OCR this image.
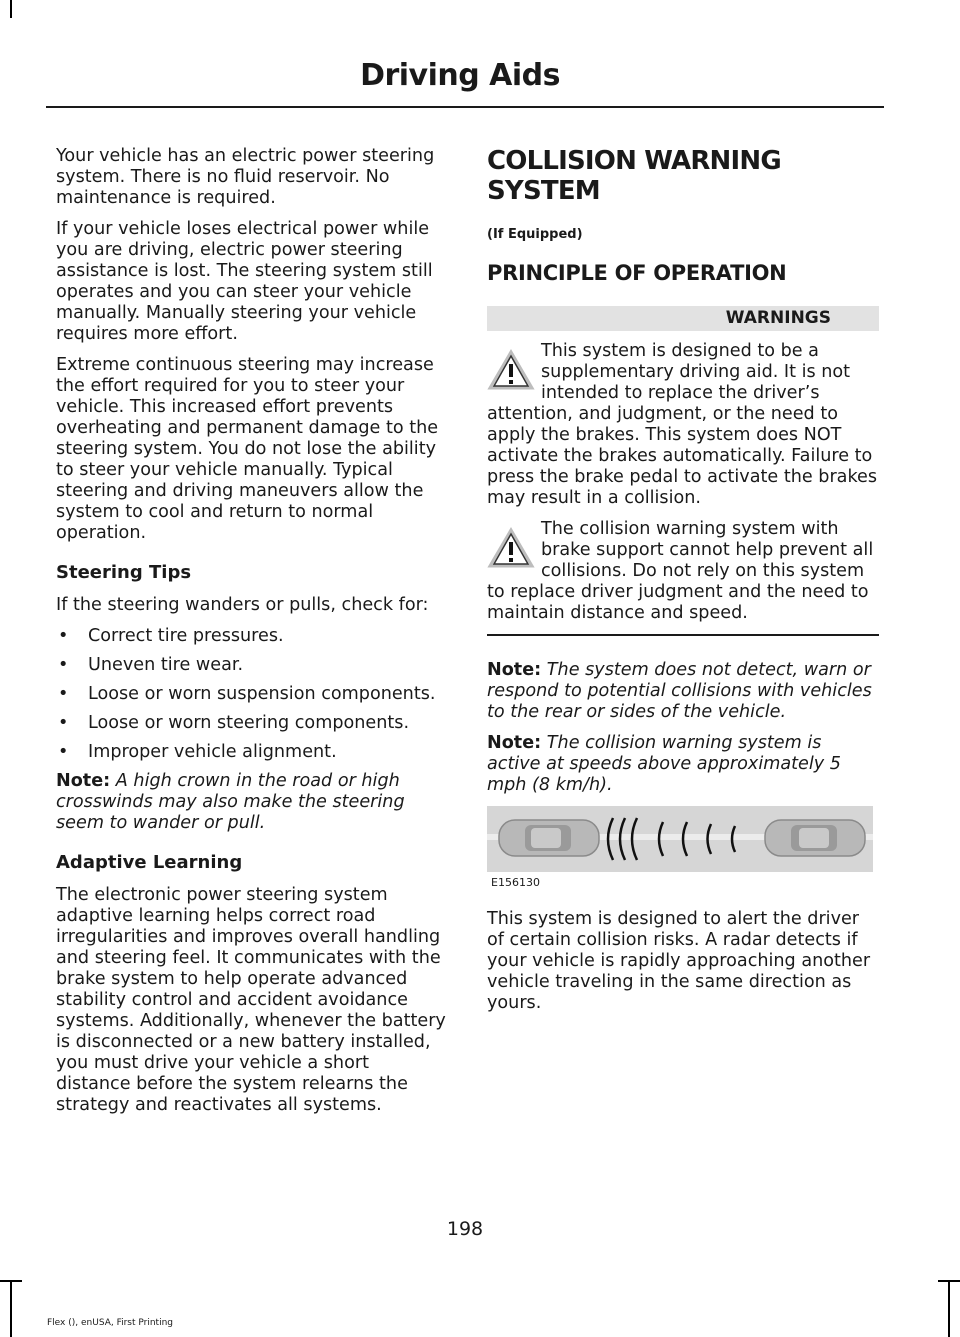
Driving Aids

Your vehicle has an electric power steering system. There is no fluid reservoir. No maintenance is required.

If your vehicle loses electrical power while you are driving, electric power steering assistance is lost. The steering system still operates and you can steer your vehicle manually. Manually steering your vehicle requires more effort.

Extreme continuous steering may increase the effort required for you to steer your vehicle. This increased effort prevents overheating and permanent damage to the steering system. You do not lose the ability to steer your vehicle manually. Typical steering and driving maneuvers allow the system to cool and return to normal operation.

Steering Tips

If the steering wanders or pulls, check for:

• Correct tire pressures.
• Uneven tire wear.
• Loose or worn suspension components.
• Loose or worn steering components.
• Improper vehicle alignment.

Note: A high crown in the road or high crosswinds may also make the steering seem to wander or pull.

Adaptive Learning

The electronic power steering system adaptive learning helps correct road irregularities and improves overall handling and steering feel. It communicates with the brake system to help operate advanced stability control and accident avoidance systems. Additionally, whenever the battery is disconnected or a new battery installed, you must drive your vehicle a short distance before the system relearns the strategy and reactivates all systems.

COLLISION WARNING SYSTEM
(If Equipped)
PRINCIPLE OF OPERATION
WARNINGS

This system is designed to be a supplementary driving aid. It is not intended to replace the driver’s attention, and judgment, or the need to apply the brakes. This system does NOT activate the brakes automatically. Failure to press the brake pedal to activate the brakes may result in a collision.

The collision warning system with brake support cannot help prevent all collisions. Do not rely on this system to replace driver judgment and the need to maintain distance and speed.

Note: The system does not detect, warn or respond to potential collisions with vehicles to the rear or sides of the vehicle.

Note: The collision warning system is active at speeds above approximately 5 mph (8 km/h).

E156130

This system is designed to alert the driver of certain collision risks. A radar detects if your vehicle is rapidly approaching another vehicle traveling in the same direction as yours.

198
Flex (), enUSA, First Printing
